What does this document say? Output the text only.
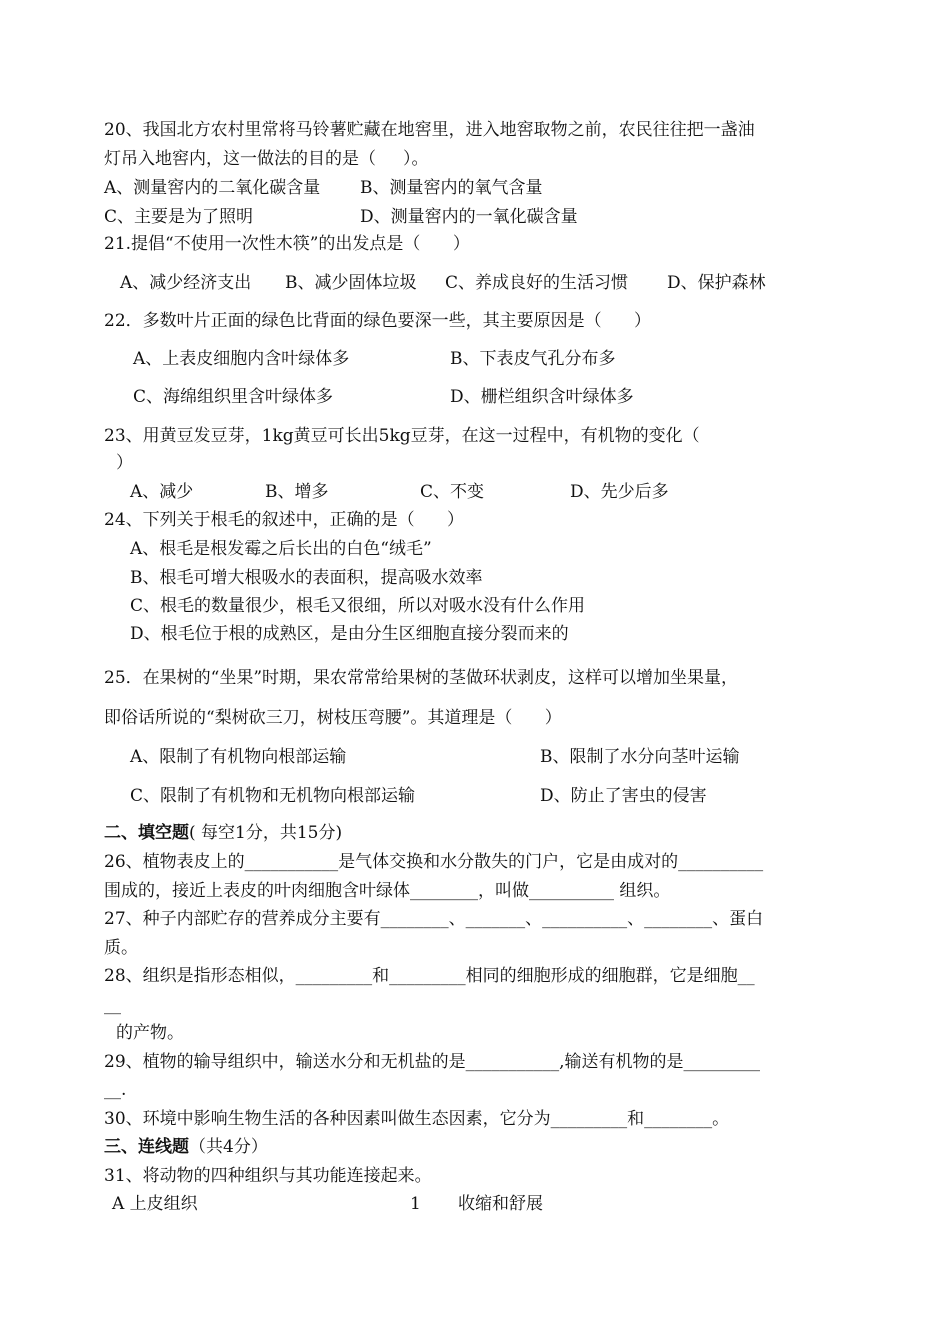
20、我国北方农村里常将马铃薯贮藏在地窖里，进入地窖取物之前，农民往往把一盏油
灯吊入地窖内，这一做法的目的是（     ）。
A、测量窖内的二氧化碳含量 B、测量窖内的氧气含量
C、主要是为了照明	D、测量窖内的一氧化碳含量
21.提倡“不使用一次性木筷”的出发点是（      ）
A、减少经济支出 B、减少固体垃圾 C、养成良好的生活习惯 D、保护森林
22．多数叶片正面的绿色比背面的绿色要深一些，其主要原因是（      ）
A、上表皮细胞内含叶绿体多	B、下表皮气孔分布多
C、海绵组织里含叶绿体多	D、栅栏组织含叶绿体多
23、用黄豆发豆芽，1kg黄豆可长出5kg豆芽，在这一过程中，有机物的变化（
）
A、减少	B、增多	C、不变	D、先少后多
24、下列关于根毛的叙述中，正确的是（      ）
A、根毛是根发霉之后长出的白色“绒毛”
B、根毛可增大根吸水的表面积，提高吸水效率
C、根毛的数量很少，根毛又很细，所以对吸水没有什么作用
D、根毛位于根的成熟区，是由分生区细胞直接分裂而来的
25．在果树的“坐果”时期，果农常常给果树的茎做环状剥皮，这样可以增加坐果量，
即俗话所说的“梨树砍三刀，树枝压弯腰”。其道理是（      ）
A、限制了有机物向根部运输	B、限制了水分向茎叶运输
C、限制了有机物和无机物向根部运输	D、防止了害虫的侵害
二、填空题( 每空1分，共15分)
26、植物表皮上的___________是气体交换和水分散失的门户，它是由成对的__________
围成的，接近上表皮的叶肉细胞含叶绿体________，叫做__________ 组织。
27、种子内部贮存的营养成分主要有________、_______、__________、________、蛋白
质。
28、组织是指形态相似，_________和_________相同的细胞形成的细胞群，它是细胞__
__
的产物。
29、植物的输导组织中，输送水分和无机盐的是___________,输送有机物的是_________
__.
30、环境中影响生物生活的各种因素叫做生态因素，它分为_________和________。
三、连线题（共4分）
31、将动物的四种组织与其功能连接起来。
A 上皮组织	1 收缩和舒展
